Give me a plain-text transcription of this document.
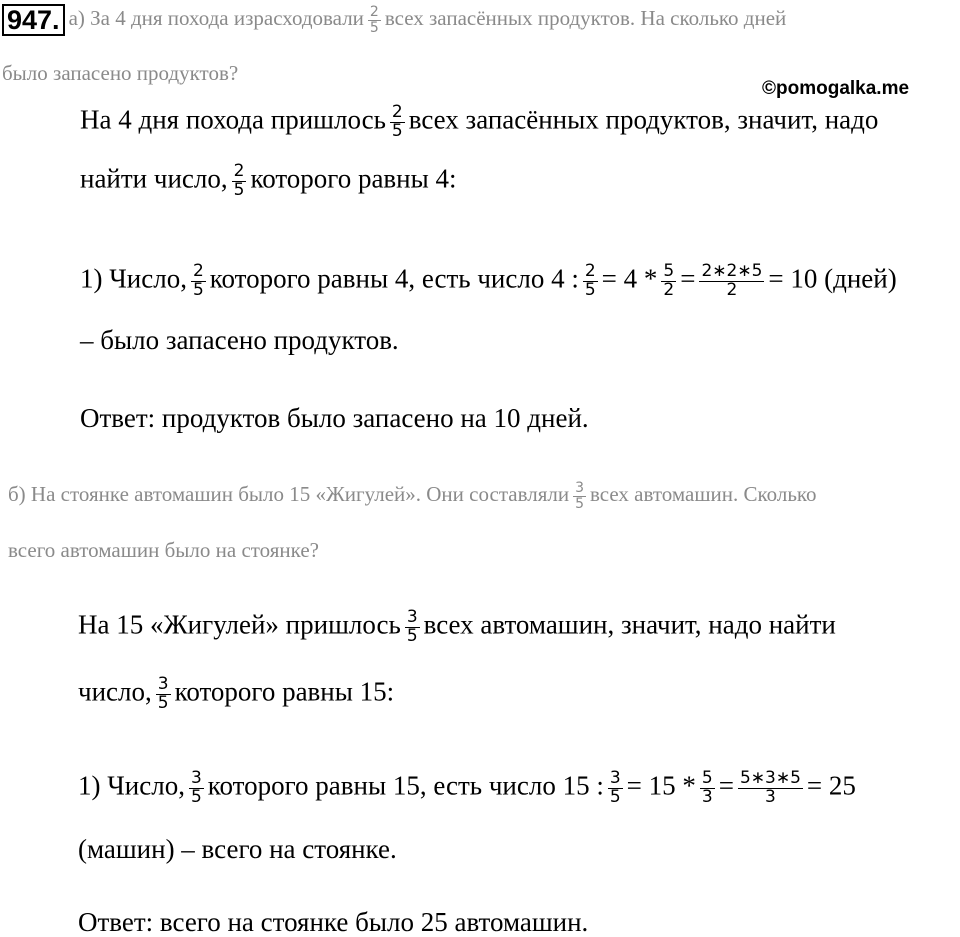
947. а) За 4 дня похода израсходовали $\frac{2}{5}$ всех запасённых продуктов. На сколько дней
было запасено продуктов?
©pomogalka.me
На 4 дня похода пришлось $\frac{2}{5}$ всех запасённых продуктов, значит, надо
найти число, $\frac{2}{5}$ которого равны 4:
1) Число, $\frac{2}{5}$ которого равны 4, есть число 4 : $\frac{2}{5} = 4 * \frac{5}{2} = \frac{2∗2∗5}{2} = 10$ (дней)
– было запасено продуктов.
Ответ: продуктов было запасено на 10 дней.
б) На стоянке автомашин было 15 «Жигулей». Они составляли $\frac{3}{5}$ всех автомашин. Сколько
всего автомашин было на стоянке?
На 15 «Жигулей» пришлось $\frac{3}{5}$ всех автомашин, значит, надо найти
число, $\frac{3}{5}$ которого равны 15:
1) Число, $\frac{3}{5}$ которого равны 15, есть число 15 : $\frac{3}{5} = 15 * \frac{5}{3} = \frac{5∗3∗5}{3} = 25$
(машин) – всего на стоянке.
Ответ: всего на стоянке было 25 автомашин.
